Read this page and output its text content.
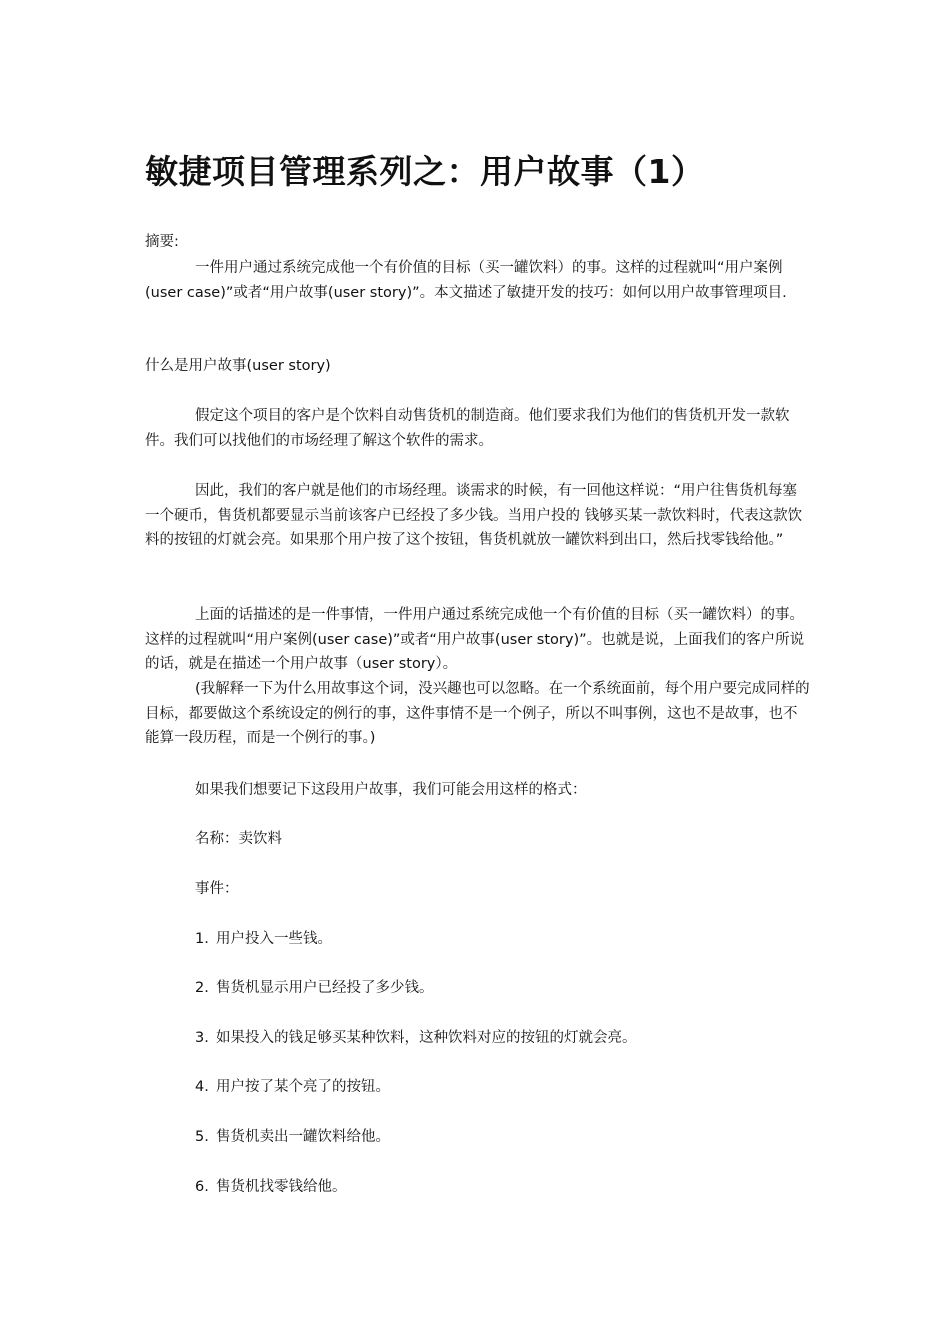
敏捷项目管理系列之：用户故事（1）

摘要:

一件用户通过系统完成他一个有价值的目标（买一罐饮料）的事。这样的过程就叫“用户案例(user case)”或者“用户故事(user story)”。本文描述了敏捷开发的技巧：如何以用户故事管理项目.

什么是用户故事(user story)

假定这个项目的客户是个饮料自动售货机的制造商。他们要求我们为他们的售货机开发一款软件。我们可以找他们的市场经理了解这个软件的需求。

因此，我们的客户就是他们的市场经理。谈需求的时候，有一回他这样说：“用户往售货机每塞一个硬币，售货机都要显示当前该客户已经投了多少钱。当用户投的 钱够买某一款饮料时，代表这款饮料的按钮的灯就会亮。如果那个用户按了这个按钮，售货机就放一罐饮料到出口，然后找零钱给他。”

上面的话描述的是一件事情，一件用户通过系统完成他一个有价值的目标（买一罐饮料）的事。这样的过程就叫“用户案例(user case)”或者“用户故事(user story)”。也就是说，上面我们的客户所说的话，就是在描述一个用户故事（user story）。

(我解释一下为什么用故事这个词，没兴趣也可以忽略。在一个系统面前，每个用户要完成同样的目标，都要做这个系统设定的例行的事，这件事情不是一个例子，所以不叫事例，这也不是故事，也不能算一段历程，而是一个例行的事。)

如果我们想要记下这段用户故事，我们可能会用这样的格式：

名称：卖饮料

事件：

1. 用户投入一些钱。

2. 售货机显示用户已经投了多少钱。

3. 如果投入的钱足够买某种饮料，这种饮料对应的按钮的灯就会亮。

4. 用户按了某个亮了的按钮。

5. 售货机卖出一罐饮料给他。

6. 售货机找零钱给他。
